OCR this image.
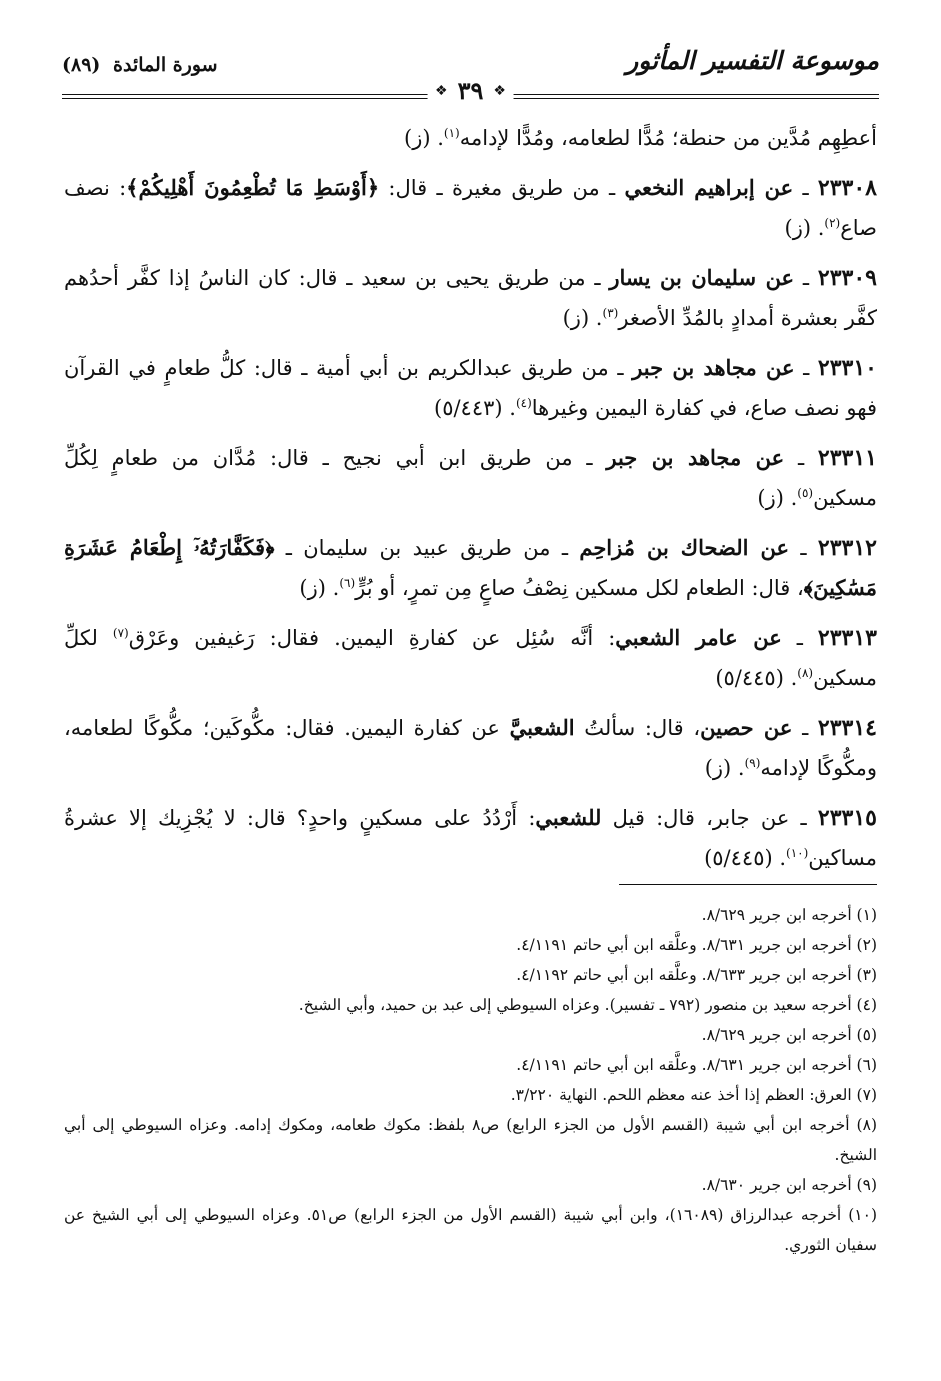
موسوعة التفسير المأثور
سورة المائدة (٨٩)
❖
٣٩
❖

أعطِهِم مُدَّين من حنطة؛ مُدًّا لطعامه، ومُدًّا لإدامه$^{(١)}$. (ز)

٢٣٣٠٨ ـ عن إبراهيم النخعي ـ من طريق مغيرة ـ قال: ﴿أَوْسَطِ مَا تُطْعِمُونَ أَهْلِيكُمْ﴾: نصف صاع$^{(٢)}$. (ز)

٢٣٣٠٩ ـ عن سليمان بن يسار ـ من طريق يحيى بن سعيد ـ قال: كان الناسُ إذا كفَّر أحدُهم كفَّر بعشرة أمدادٍ بالمُدِّ الأصغر$^{(٣)}$. (ز)

٢٣٣١٠ ـ عن مجاهد بن جبر ـ من طريق عبدالكريم بن أبي أمية ـ قال: كلُّ طعامٍ في القرآن فهو نصف صاع، في كفارة اليمين وغيرها$^{(٤)}$. (٥/٤٤٣)

٢٣٣١١ ـ عن مجاهد بن جبر ـ من طريق ابن أبي نجيح ـ قال: مُدَّان من طعامٍ لِكُلِّ مسكين$^{(٥)}$. (ز)

٢٣٣١٢ ـ عن الضحاك بن مُزاحِم ـ من طريق عبيد بن سليمان ـ ﴿فَكَفَّارَتُهُۥٓ إِطْعَامُ عَشَرَةِ مَسَٰكِينَ﴾، قال: الطعام لكل مسكين نِصْفُ صاعٍ مِن تمرٍ، أو بُرٍّ$^{(٦)}$. (ز)

٢٣٣١٣ ـ عن عامر الشعبي: أنَّه سُئِل عن كفارةِ اليمين. فقال: رَغيفين وعَرْق$^{(٧)}$ لكلِّ مسكين$^{(٨)}$. (٥/٤٤٥)

٢٣٣١٤ ـ عن حصين، قال: سألتُ الشعبيَّ عن كفارة اليمين. فقال: مكُّوكَين؛ مكُّوكًا لطعامه، ومكُّوكًا لإدامه$^{(٩)}$. (ز)

٢٣٣١٥ ـ عن جابر، قال: قيل للشعبي: أَرْدُدُ على مسكينٍ واحدٍ؟ قال: لا يُجْزِيك إلا عشرةُ مساكين$^{(١٠)}$. (٥/٤٤٥)

(١) أخرجه ابن جرير ٨/٦٢٩.

(٢) أخرجه ابن جرير ٨/٦٣١. وعلَّقه ابن أبي حاتم ٤/١١٩١.

(٣) أخرجه ابن جرير ٨/٦٣٣. وعلَّقه ابن أبي حاتم ٤/١١٩٢.

(٤) أخرجه سعيد بن منصور (٧٩٢ ـ تفسير). وعزاه السيوطي إلى عبد بن حميد، وأبي الشيخ.

(٥) أخرجه ابن جرير ٨/٦٢٩.

(٦) أخرجه ابن جرير ٨/٦٣١. وعلَّقه ابن أبي حاتم ٤/١١٩١.

(٧) العرق: العظم إذا أخذ عنه معظم اللحم. النهاية ٣/٢٢٠.

(٨) أخرجه ابن أبي شيبة (القسم الأول من الجزء الرابع) ص٨ بلفظ: مكوك طعامه، ومكوك إدامه. وعزاه السيوطي إلى أبي الشيخ.

(٩) أخرجه ابن جرير ٨/٦٣٠.

(١٠) أخرجه عبدالرزاق (١٦٠٨٩)، وابن أبي شيبة (القسم الأول من الجزء الرابع) ص٥١. وعزاه السيوطي إلى أبي الشيخ عن سفيان الثوري.
